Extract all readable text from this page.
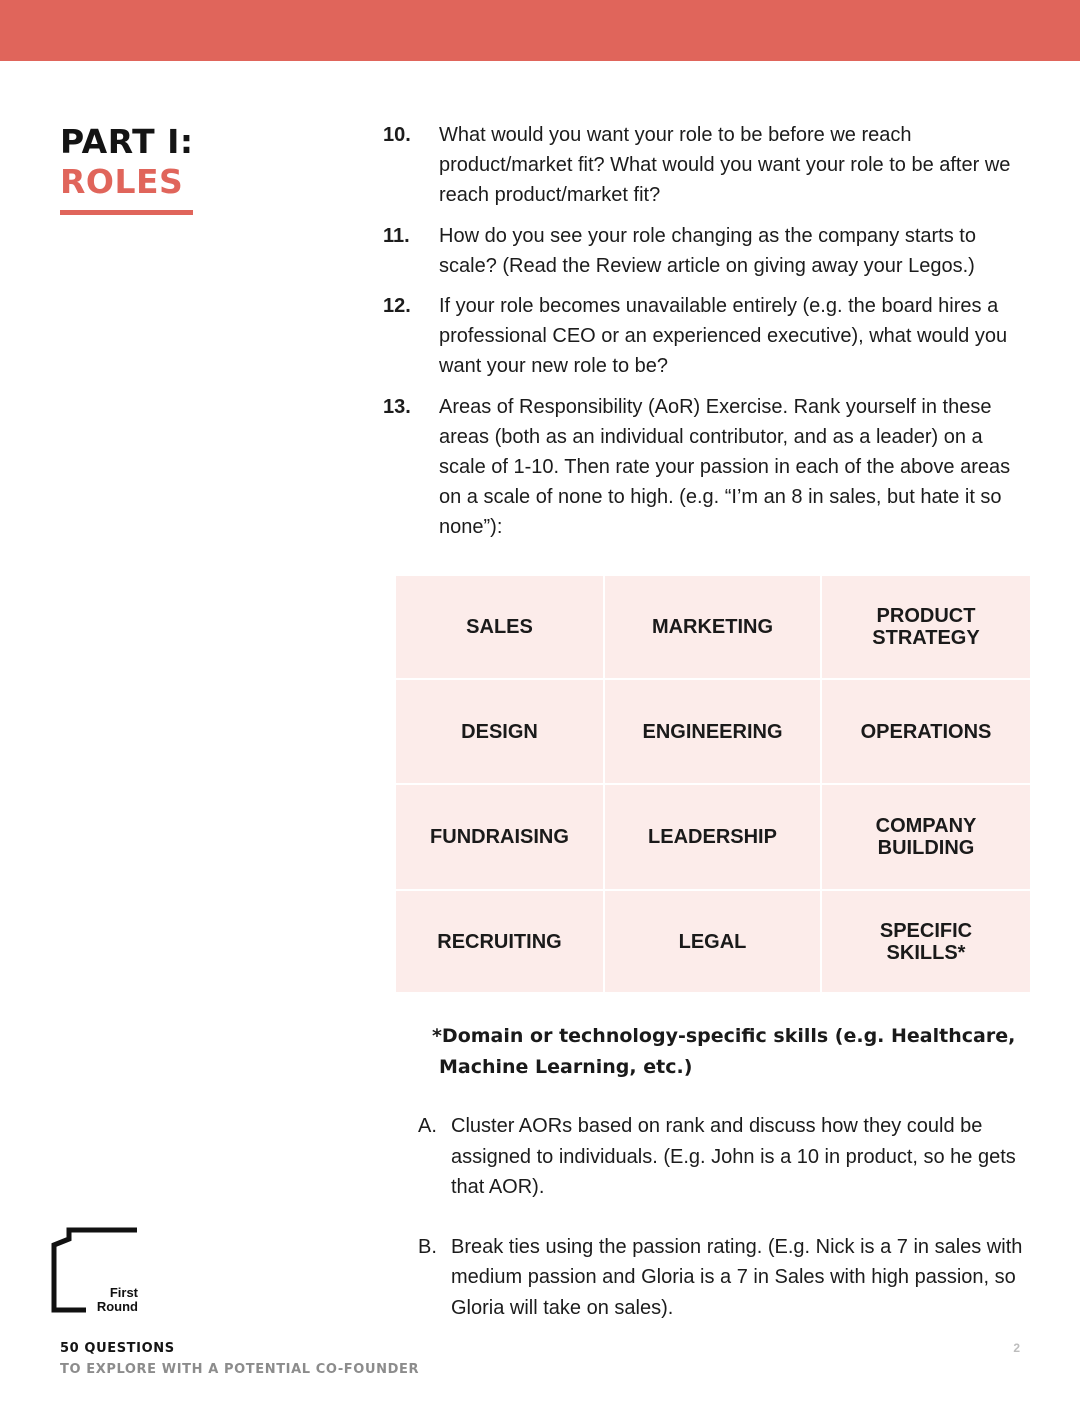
PART I:
ROLES
10. What would you want your role to be before we reach product/market fit? What would you want your role to be after we reach product/market fit?
11. How do you see your role changing as the company starts to scale? (Read the Review article on giving away your Legos.)
12. If your role becomes unavailable entirely (e.g. the board hires a professional CEO or an experienced executive), what would you want your new role to be?
13. Areas of Responsibility (AoR) Exercise. Rank yourself in these areas (both as an individual contributor, and as a leader) on a scale of 1-10. Then rate your passion in each of the above areas on a scale of none to high. (e.g. “I’m an 8 in sales, but hate it so none”):
SALES	MARKETING	PRODUCT
STRATEGY
DESIGN	ENGINEERING	OPERATIONS
FUNDRAISING	LEADERSHIP	COMPANY
BUILDING
RECRUITING	LEGAL	SPECIFIC
SKILLS*
*Domain or technology-specific skills (e.g. Healthcare,
Machine Learning, etc.)
A. Cluster AORs based on rank and discuss how they could be assigned to individuals. (E.g. John is a 10 in product, so he gets that AOR).
B. Break ties using the passion rating. (E.g. Nick is a 7 in sales with medium passion and Gloria is a 7 in Sales with high passion, so Gloria will take on sales).
First
Round
50 QUESTIONS
TO EXPLORE WITH A POTENTIAL CO-FOUNDER
2
